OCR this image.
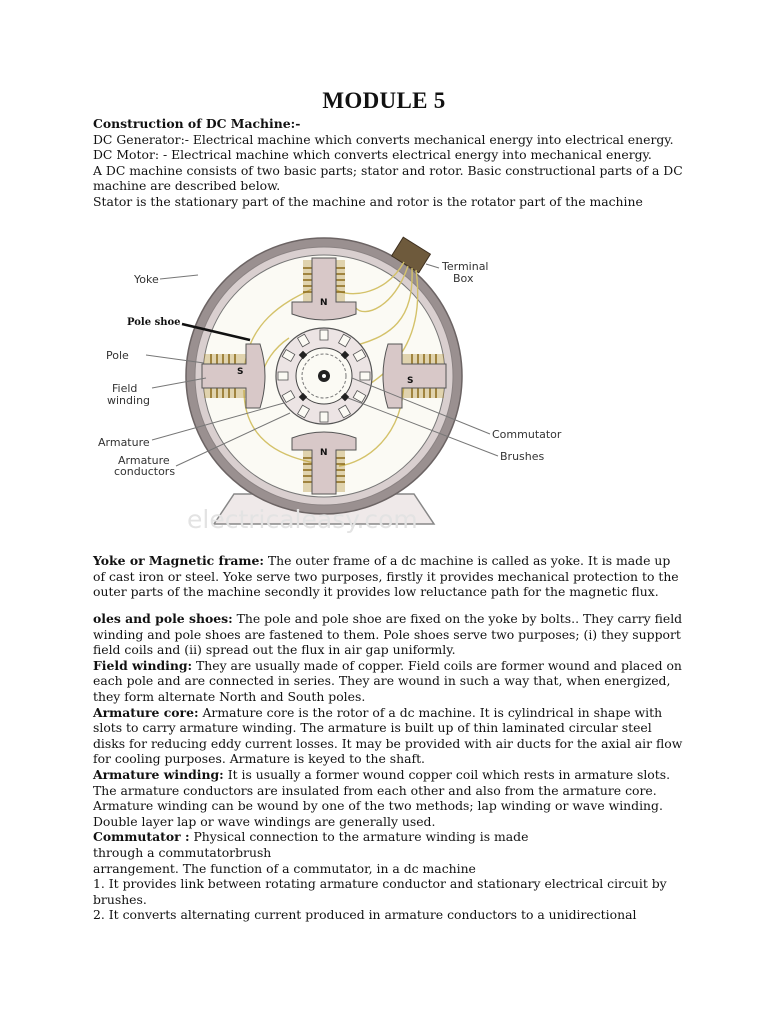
MODULE 5

Construction of DC Machine:-

DC Generator:- Electrical machine which converts mechanical energy into electrical energy.

DC Motor: - Electrical machine which converts electrical energy into mechanical energy.

A DC machine consists of two basic parts; stator and rotor. Basic constructional parts of a DC machine are described below.

Stator is the stationary part of the machine and rotor is the rotator part of the machine

N
N
S
S
Yoke
Pole shoe
Pole
Field
winding
Armature
Armature
conductors
Terminal
Box
Commutator
Brushes
electricaleasy.com

Yoke or Magnetic frame: The outer frame of a dc machine is called as yoke. It is made up of cast iron or steel. Yoke serve two purposes, firstly it provides mechanical protection to the outer parts of the machine secondly it provides low reluctance path for the magnetic flux.

oles and pole shoes: The pole and pole shoe are fixed on the yoke by bolts.. They carry field winding and pole shoes are fastened to them. Pole shoes serve two purposes; (i) they support field coils and (ii) spread out the flux in air gap uniformly.

Field winding: They are usually made of copper. Field coils are former wound and placed on each pole and are connected in series. They are wound in such a way that, when energized, they form alternate North and South poles.

Armature core: Armature core is the rotor of a dc machine. It is cylindrical in shape with slots to carry armature winding. The armature is built up of thin laminated circular steel disks for reducing eddy current losses. It may be provided with air ducts for the axial air flow for cooling purposes. Armature is keyed to the shaft.

Armature winding: It is usually a former wound copper coil which rests in armature slots. The armature conductors are insulated from each other and also from the armature core. Armature winding can be wound by one of the two methods; lap winding or wave winding. Double layer lap or wave windings are generally used.

Commutator : Physical connection to the armature winding is made through a commutatorbrush

arrangement. The function of a commutator, in a dc machine

1. It provides link between rotating armature conductor and stationary electrical circuit by brushes.

2. It converts alternating current produced in armature conductors to a unidirectional
